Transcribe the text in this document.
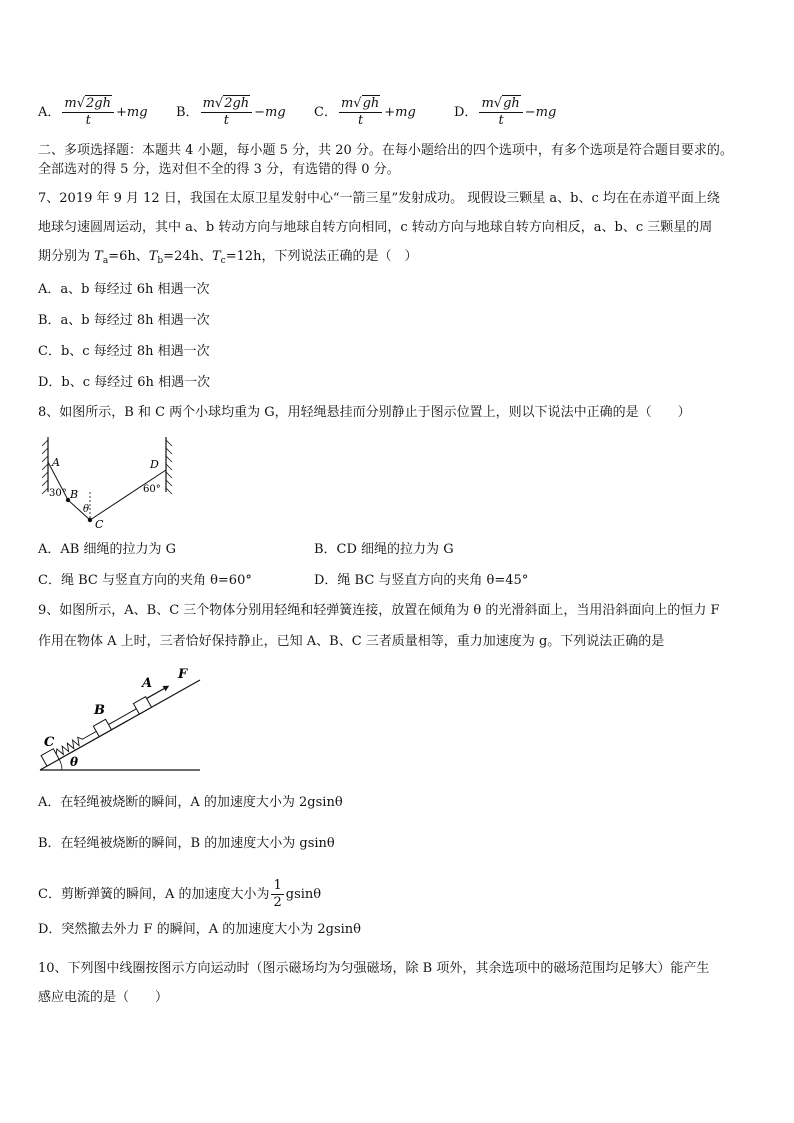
A． $\frac{m√2gh}{t} +mg$ B． $\frac{m√2gh}{t} -mg$ C． $\frac{m√gh}{t} +mg$	D． $\frac{m√gh}{t} -mg$
二、多项选择题：本题共 4 小题，每小题 5 分，共 20 分。在每小题给出的四个选项中，有多个选项是符合题目要求的。
全部选对的得 5 分，选对但不全的得 3 分，有选错的得 0 分。
7、2019 年 9 月 12 日，我国在太原卫星发射中心“一箭三星”发射成功。 现假设三颗星 a、b、c 均在在赤道平面上绕
地球匀速圆周运动，其中 a、b 转动方向与地球自转方向相同，c 转动方向与地球自转方向相反，a、b、c 三颗星的周
期分别为 $T_a=6h$、$T_b=24h$、$T_c=12h$，下列说法正确的是（　）
A．a、b 每经过 6h 相遇一次
B．a、b 每经过 8h 相遇一次
C．b、c 每经过 8h 相遇一次
D．b、c 每经过 6h 相遇一次
8、如图所示，B 和 C 两个小球均重为 G，用轻绳悬挂而分别静止于图示位置上，则以下说法中正确的是（　　）
A
B
C
D
30°	60°
θ
A．AB 细绳的拉力为 G	B．CD 细绳的拉力为 G
C．绳 BC 与竖直方向的夹角 θ=60°	D．绳 BC 与竖直方向的夹角 θ=45°
9、如图所示，A、B、C 三个物体分别用轻绳和轻弹簧连接，放置在倾角为 θ 的光滑斜面上，当用沿斜面向上的恒力 F
作用在物体 A 上时，三者恰好保持静止，已知 A、B、C 三者质量相等，重力加速度为 g。下列说法正确的是
θ
C
B
A
F
A．在轻绳被烧断的瞬间，A 的加速度大小为 2gsinθ
B．在轻绳被烧断的瞬间，B 的加速度大小为 gsinθ
C．剪断弹簧的瞬间，A 的加速度大小为 $\frac{1}{2}$ gsinθ
D．突然撤去外力 F 的瞬间，A 的加速度大小为 2gsinθ
10、下列图中线圈按图示方向运动时（图示磁场均为匀强磁场，除 B 项外，其余选项中的磁场范围均足够大）能产生
感应电流的是（　　）
